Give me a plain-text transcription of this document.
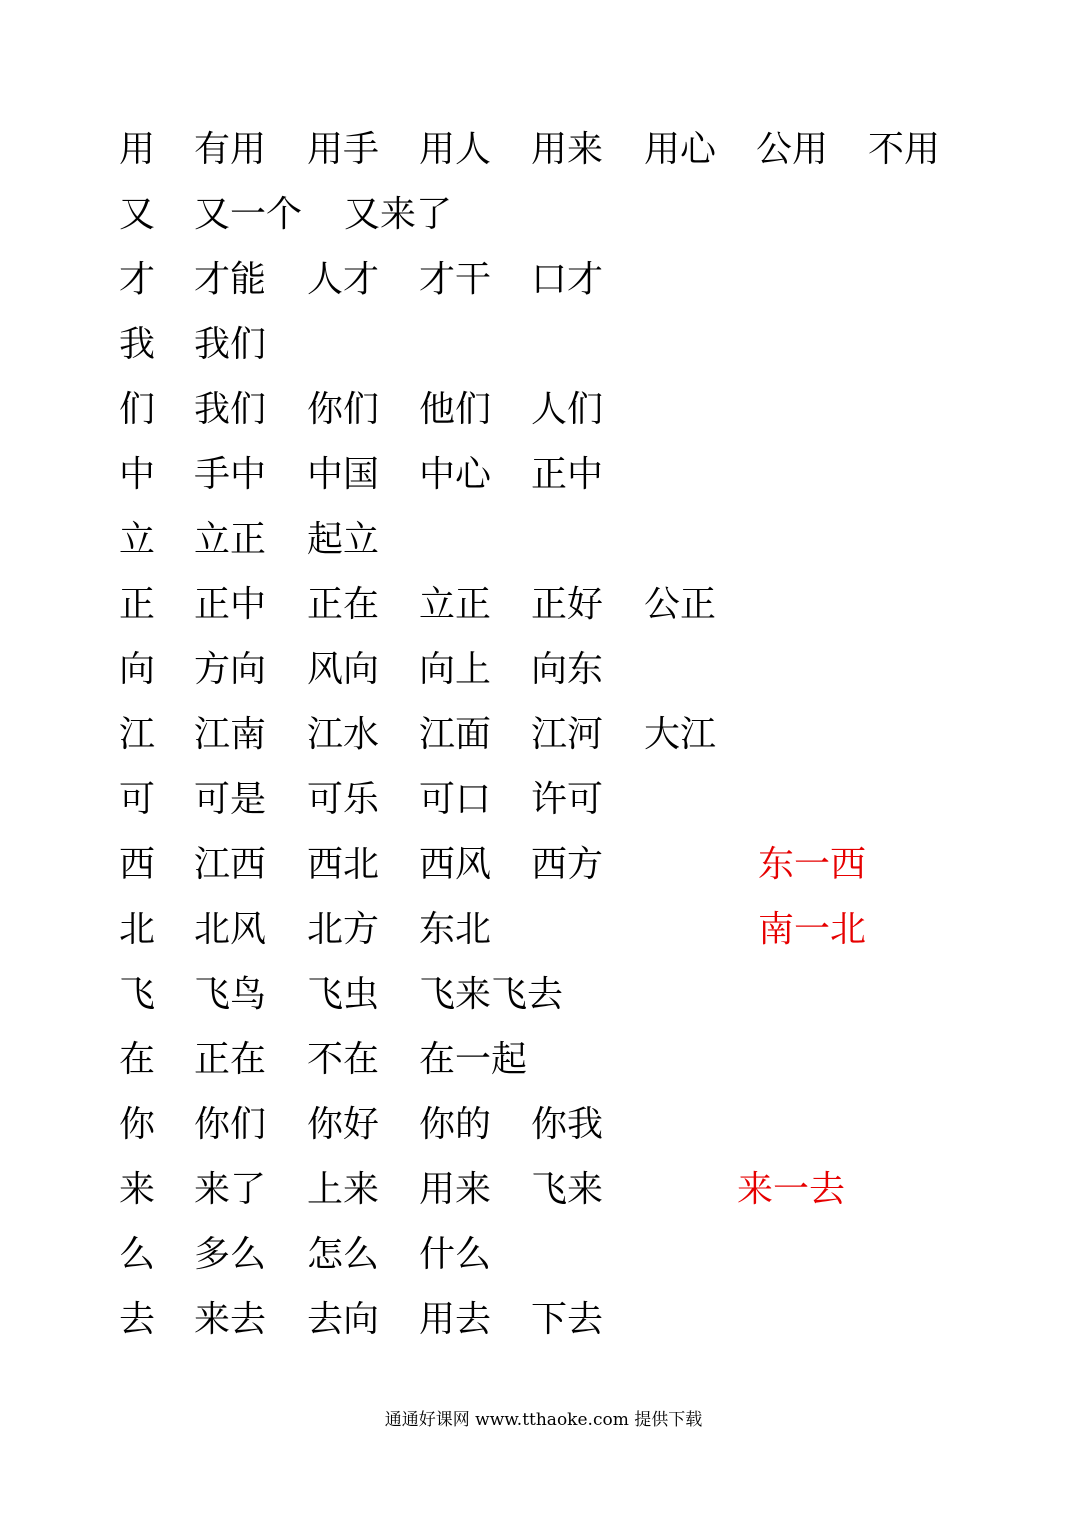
用 有用 用手 用人 用来 用心 公用 不用
又 又一个 又来了
才 才能 人才 才干 口才
我 我们
们 我们 你们 他们 人们
中 手中 中国 中心 正中
立 立正 起立
正 正中 正在 立正 正好 公正
向 方向 风向 向上 向东
江 江南 江水 江面 江河 大江
可 可是 可乐 可口 许可
西 江西 西北 西风 西方	东一西
北 北风 北方 东北	南一北
飞 飞鸟 飞虫 飞来飞去
在 正在 不在 在一起
你 你们 你好 你的 你我
来 来了 上来 用来 飞来	来一去
么 多么 怎么 什么
去 来去 去向 用去 下去
通通好课网 www.tthaoke.com 提供下载
